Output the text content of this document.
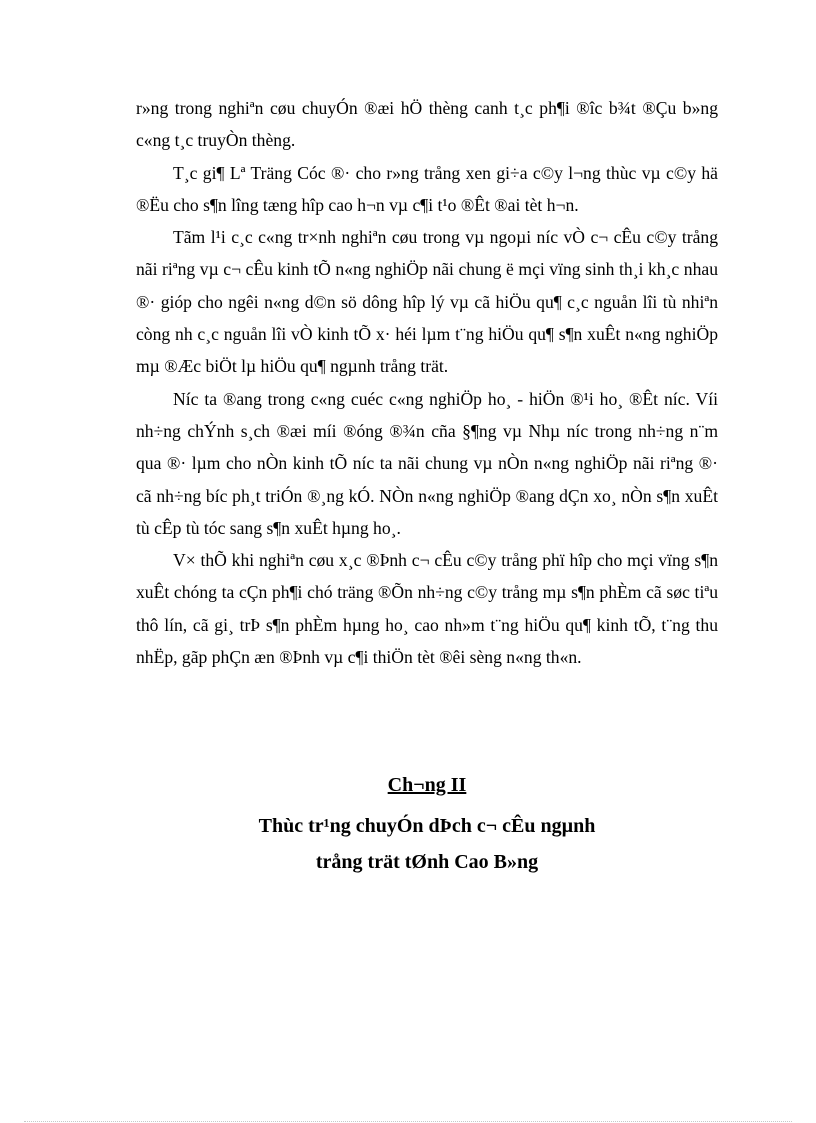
r»ng trong nghiªn cøu chuyÓn ®æi hÖ thèng canh t¸c ph¶i ®îc b¾t ®Çu b»ng c«ng t¸c truyÒn thèng.

T¸c gi¶ Lª Träng Cóc ®· cho r»ng trång xen gi÷a c©y l¬ng thùc vµ c©y hä ®Ëu cho s¶n lîng tæng hîp cao h¬n vµ c¶i t¹o ®Êt ®ai tèt h¬n.

Tãm l¹i c¸c c«ng tr×nh nghiªn cøu trong vµ ngoµi níc vÒ c¬ cÊu c©y trång nãi riªng vµ c¬ cÊu kinh tÕ n«ng nghiÖp nãi chung ë mçi vïng sinh th¸i kh¸c nhau ®· gióp cho ngêi n«ng d©n sö dông hîp lý vµ cã hiÖu qu¶ c¸c nguån lîi tù nhiªn còng nh c¸c nguån lîi vÒ kinh tÕ x· héi lµm t¨ng hiÖu qu¶ s¶n xuÊt n«ng nghiÖp mµ ®Æc biÖt lµ hiÖu qu¶ ngµnh trång trät.

Níc ta ®ang trong c«ng cuéc c«ng nghiÖp ho¸ - hiÖn ®¹i ho¸ ®Êt níc. Víi nh÷ng chÝnh s¸ch ®æi míi ®óng ®¾n cña §¶ng vµ Nhµ níc trong nh÷ng n¨m qua ®· lµm cho nÒn kinh tÕ níc ta nãi chung vµ nÒn n«ng nghiÖp nãi riªng ®· cã nh÷ng bíc ph¸t triÓn ®¸ng kÓ. NÒn n«ng nghiÖp ®ang dÇn xo¸ nÒn s¶n xuÊt tù cÊp tù tóc sang s¶n xuÊt hµng ho¸.

V× thÕ khi nghiªn cøu x¸c ®Þnh c¬ cÊu c©y trång phï hîp cho mçi vïng s¶n xuÊt chóng ta cÇn ph¶i chó träng ®Õn nh÷ng c©y trång mµ s¶n phÈm cã søc tiªu thô lín, cã gi¸ trÞ s¶n phÈm hµng ho¸ cao nh»m t¨ng hiÖu qu¶ kinh tÕ, t¨ng thu nhËp, gãp phÇn æn ®Þnh vµ c¶i thiÖn tèt ®êi sèng n«ng th«n.

Ch¬ng II

Thùc tr¹ng chuyÓn dÞch c¬ cÊu ngµnh

trång trät tØnh Cao B»ng
